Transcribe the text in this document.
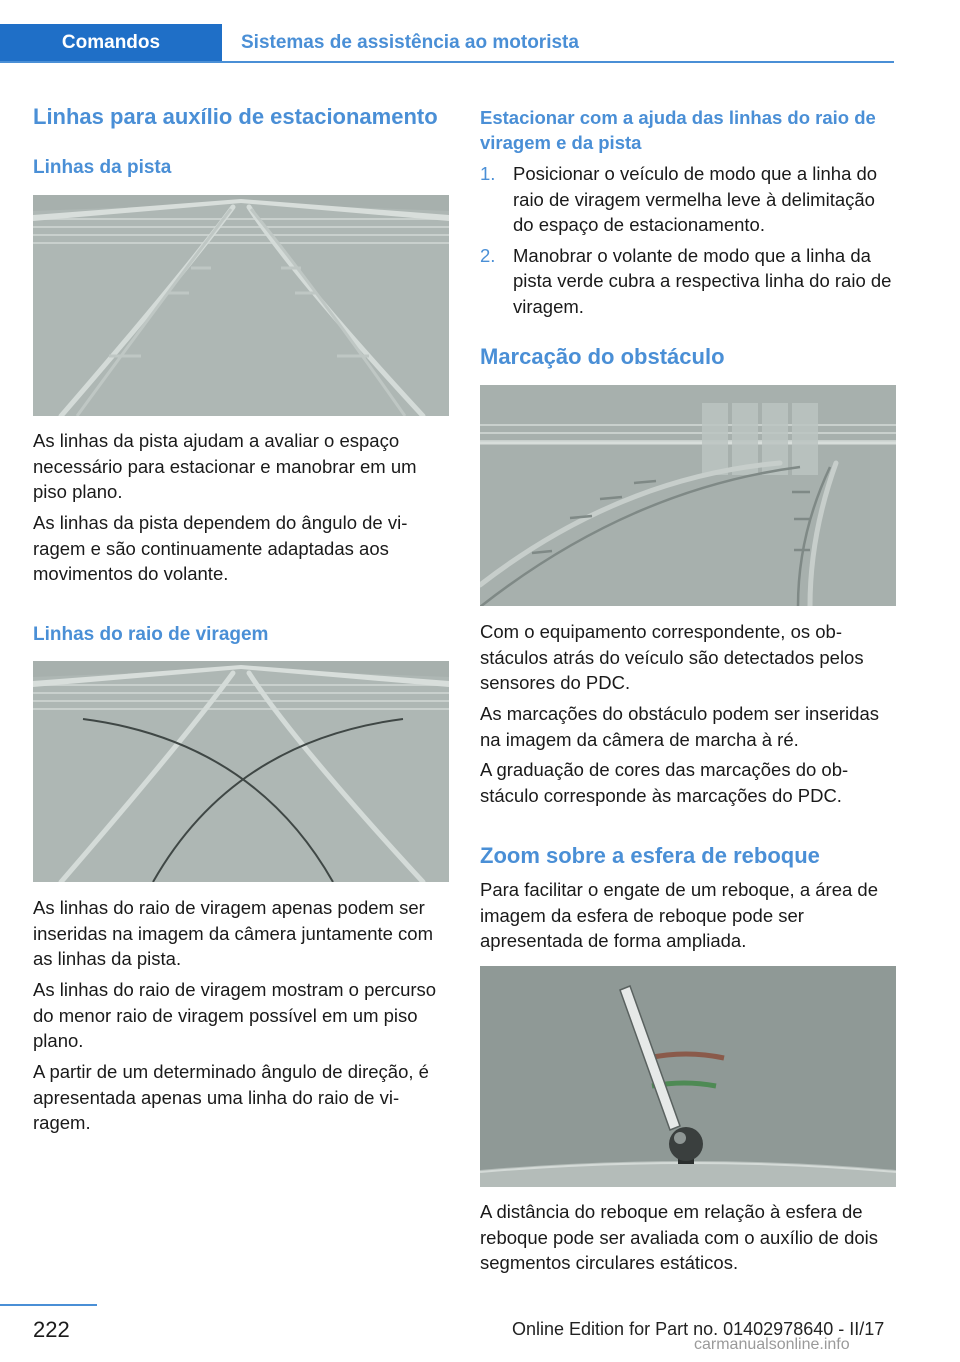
Comandos	Sistemas de assistência ao motorista
Linhas para auxílio de estacionamento
Linhas da pista

As linhas da pista ajudam a avaliar o espaço necessário para estacionar e manobrar em um piso plano.

As linhas da pista dependem do ângulo de viragem e são continuamente adaptadas aos movimentos do volante.

Linhas do raio de viragem

As linhas do raio de viragem apenas podem ser inseridas na imagem da câmera juntamente com as linhas da pista.

As linhas do raio de viragem mostram o percurso do menor raio de viragem possível em um piso plano.

A partir de um determinado ângulo de direção, é apresentada apenas uma linha do raio de viragem.

Estacionar com a ajuda das linhas do raio de viragem e da pista
1. Posicionar o veículo de modo que a linha do raio de viragem vermelha leve à delimitação do espaço de estacionamento.
2. Manobrar o volante de modo que a linha da pista verde cubra a respectiva linha do raio de viragem.
Marcação do obstáculo

Com o equipamento correspondente, os obstáculos atrás do veículo são detectados pelos sensores do PDC.

As marcações do obstáculo podem ser inseridas na imagem da câmera de marcha à ré.

A graduação de cores das marcações do obstáculo corresponde às marcações do PDC.

Zoom sobre a esfera de reboque

Para facilitar o engate de um reboque, a área de imagem da esfera de reboque pode ser apresentada de forma ampliada.

A distância do reboque em relação à esfera de reboque pode ser avaliada com o auxílio de dois segmentos circulares estáticos.

222	Online Edition for Part no. 01402978640 - II/17
carmanualsonline.info
